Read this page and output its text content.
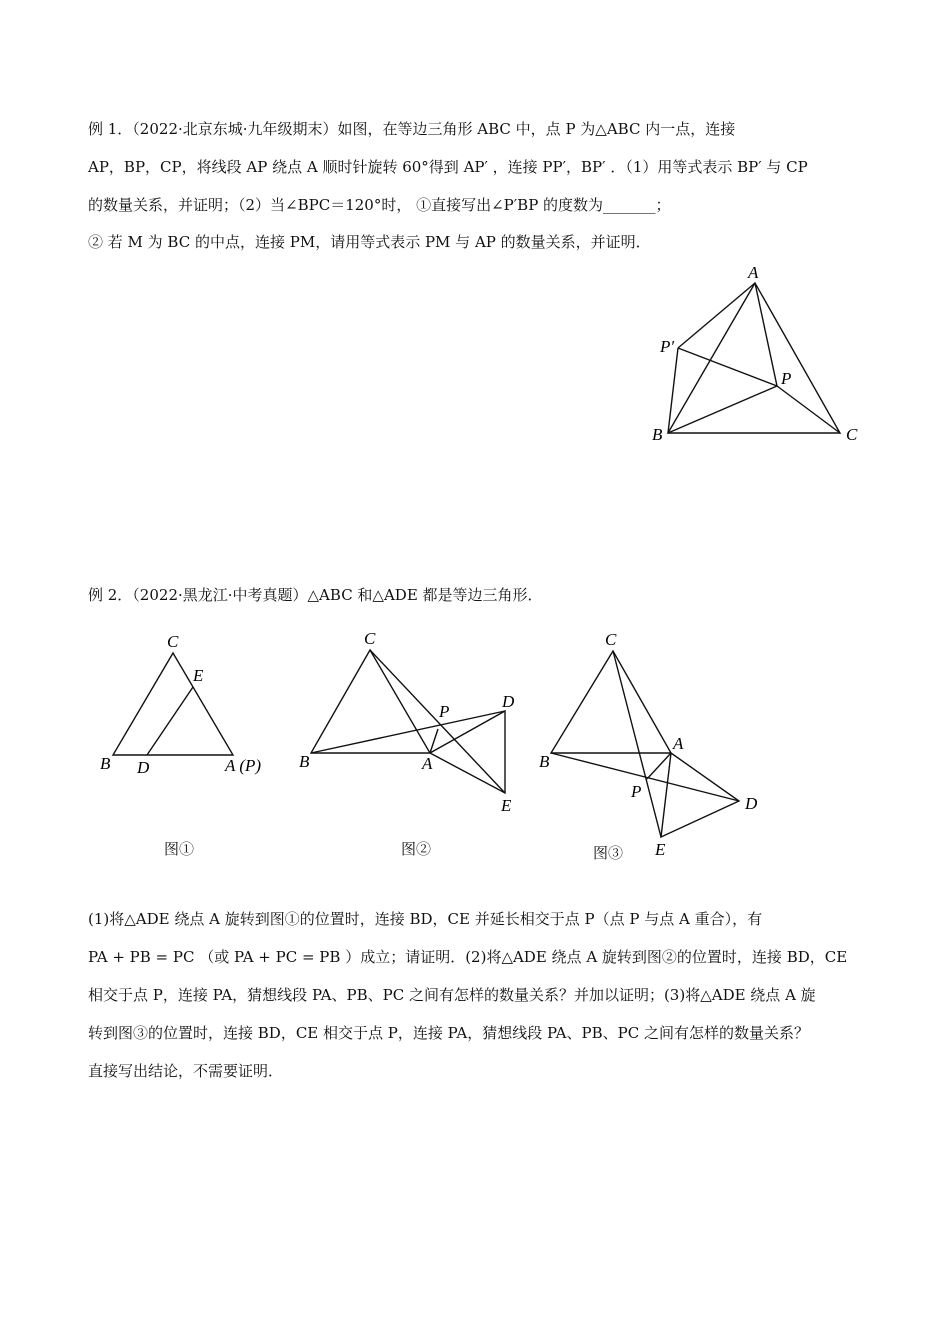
例 1．（2022·北京东城·九年级期末）如图，在等边三角形 ABC 中，点 P 为△ABC 内一点，连接
AP，BP，CP，将线段 AP 绕点 A 顺时针旋转 60°得到 AP′ ，连接 PP′，BP′ ．（1）用等式表示 BP′ 与 CP
的数量关系，并证明；（2）当∠BPC＝120°时， ①直接写出∠P′BP 的度数为_______；
② 若 M 为 BC 的中点，连接 PM，请用等式表示 PM 与 AP 的数量关系，并证明．
A
B	C
P
P′
例 2．（2022·黑龙江·中考真题）△ABC 和△ADE 都是等边三角形．
C
E
B D	A (P)
图①
C
P
D
B	A
E
图②
C
A
B
P
D
E
图③
(1)将△ADE 绕点 A 旋转到图①的位置时，连接 BD，CE 并延长相交于点 P（点 P 与点 A 重合），有
PA + PB = PC （或 PA + PC = PB ）成立；请证明．(2)将△ADE 绕点 A 旋转到图②的位置时，连接 BD，CE
相交于点 P，连接 PA，猜想线段 PA、PB、PC 之间有怎样的数量关系？并加以证明；(3)将△ADE 绕点 A 旋
转到图③的位置时，连接 BD，CE 相交于点 P，连接 PA，猜想线段 PA、PB、PC 之间有怎样的数量关系？
直接写出结论，不需要证明．
